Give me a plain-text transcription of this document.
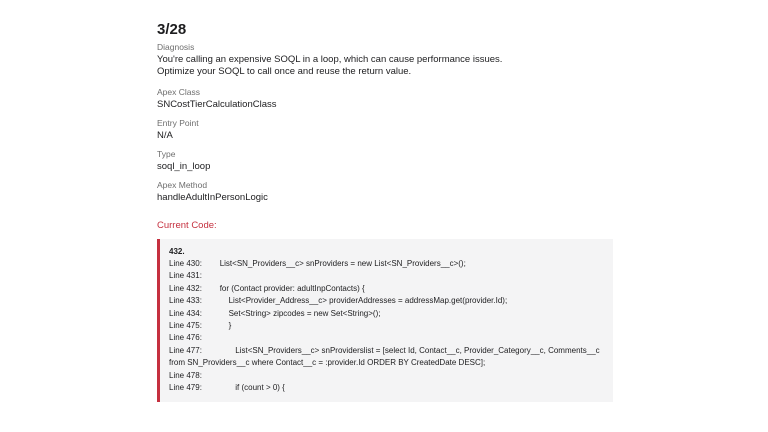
3/28
Diagnosis

You're calling an expensive SOQL in a loop, which can cause performance issues. Optimize your SOQL to call once and reuse the return value.

Apex Class
SNCostTierCalculationClass
Entry Point
N/A
Type
soql_in_loop
Apex Method
handleAdultInPersonLogic
Current Code:
432.
Line 430:        List<SN_Providers__c> snProviders = new List<SN_Providers__c>();
Line 431:
Line 432:        for (Contact provider: adultInpContacts) {
Line 433:            List<Provider_Address__c> providerAddresses = addressMap.get(provider.Id);
Line 434:            Set<String> zipcodes = new Set<String>();
Line 475:            }
Line 476:
Line 477:               List<SN_Providers__c> snProviderslist = [select Id, Contact__c, Provider_Category__c, Comments__c from SN_Providers__c where Contact__c = :provider.Id ORDER BY CreatedDate DESC];
Line 478:
Line 479:               if (count > 0) {
